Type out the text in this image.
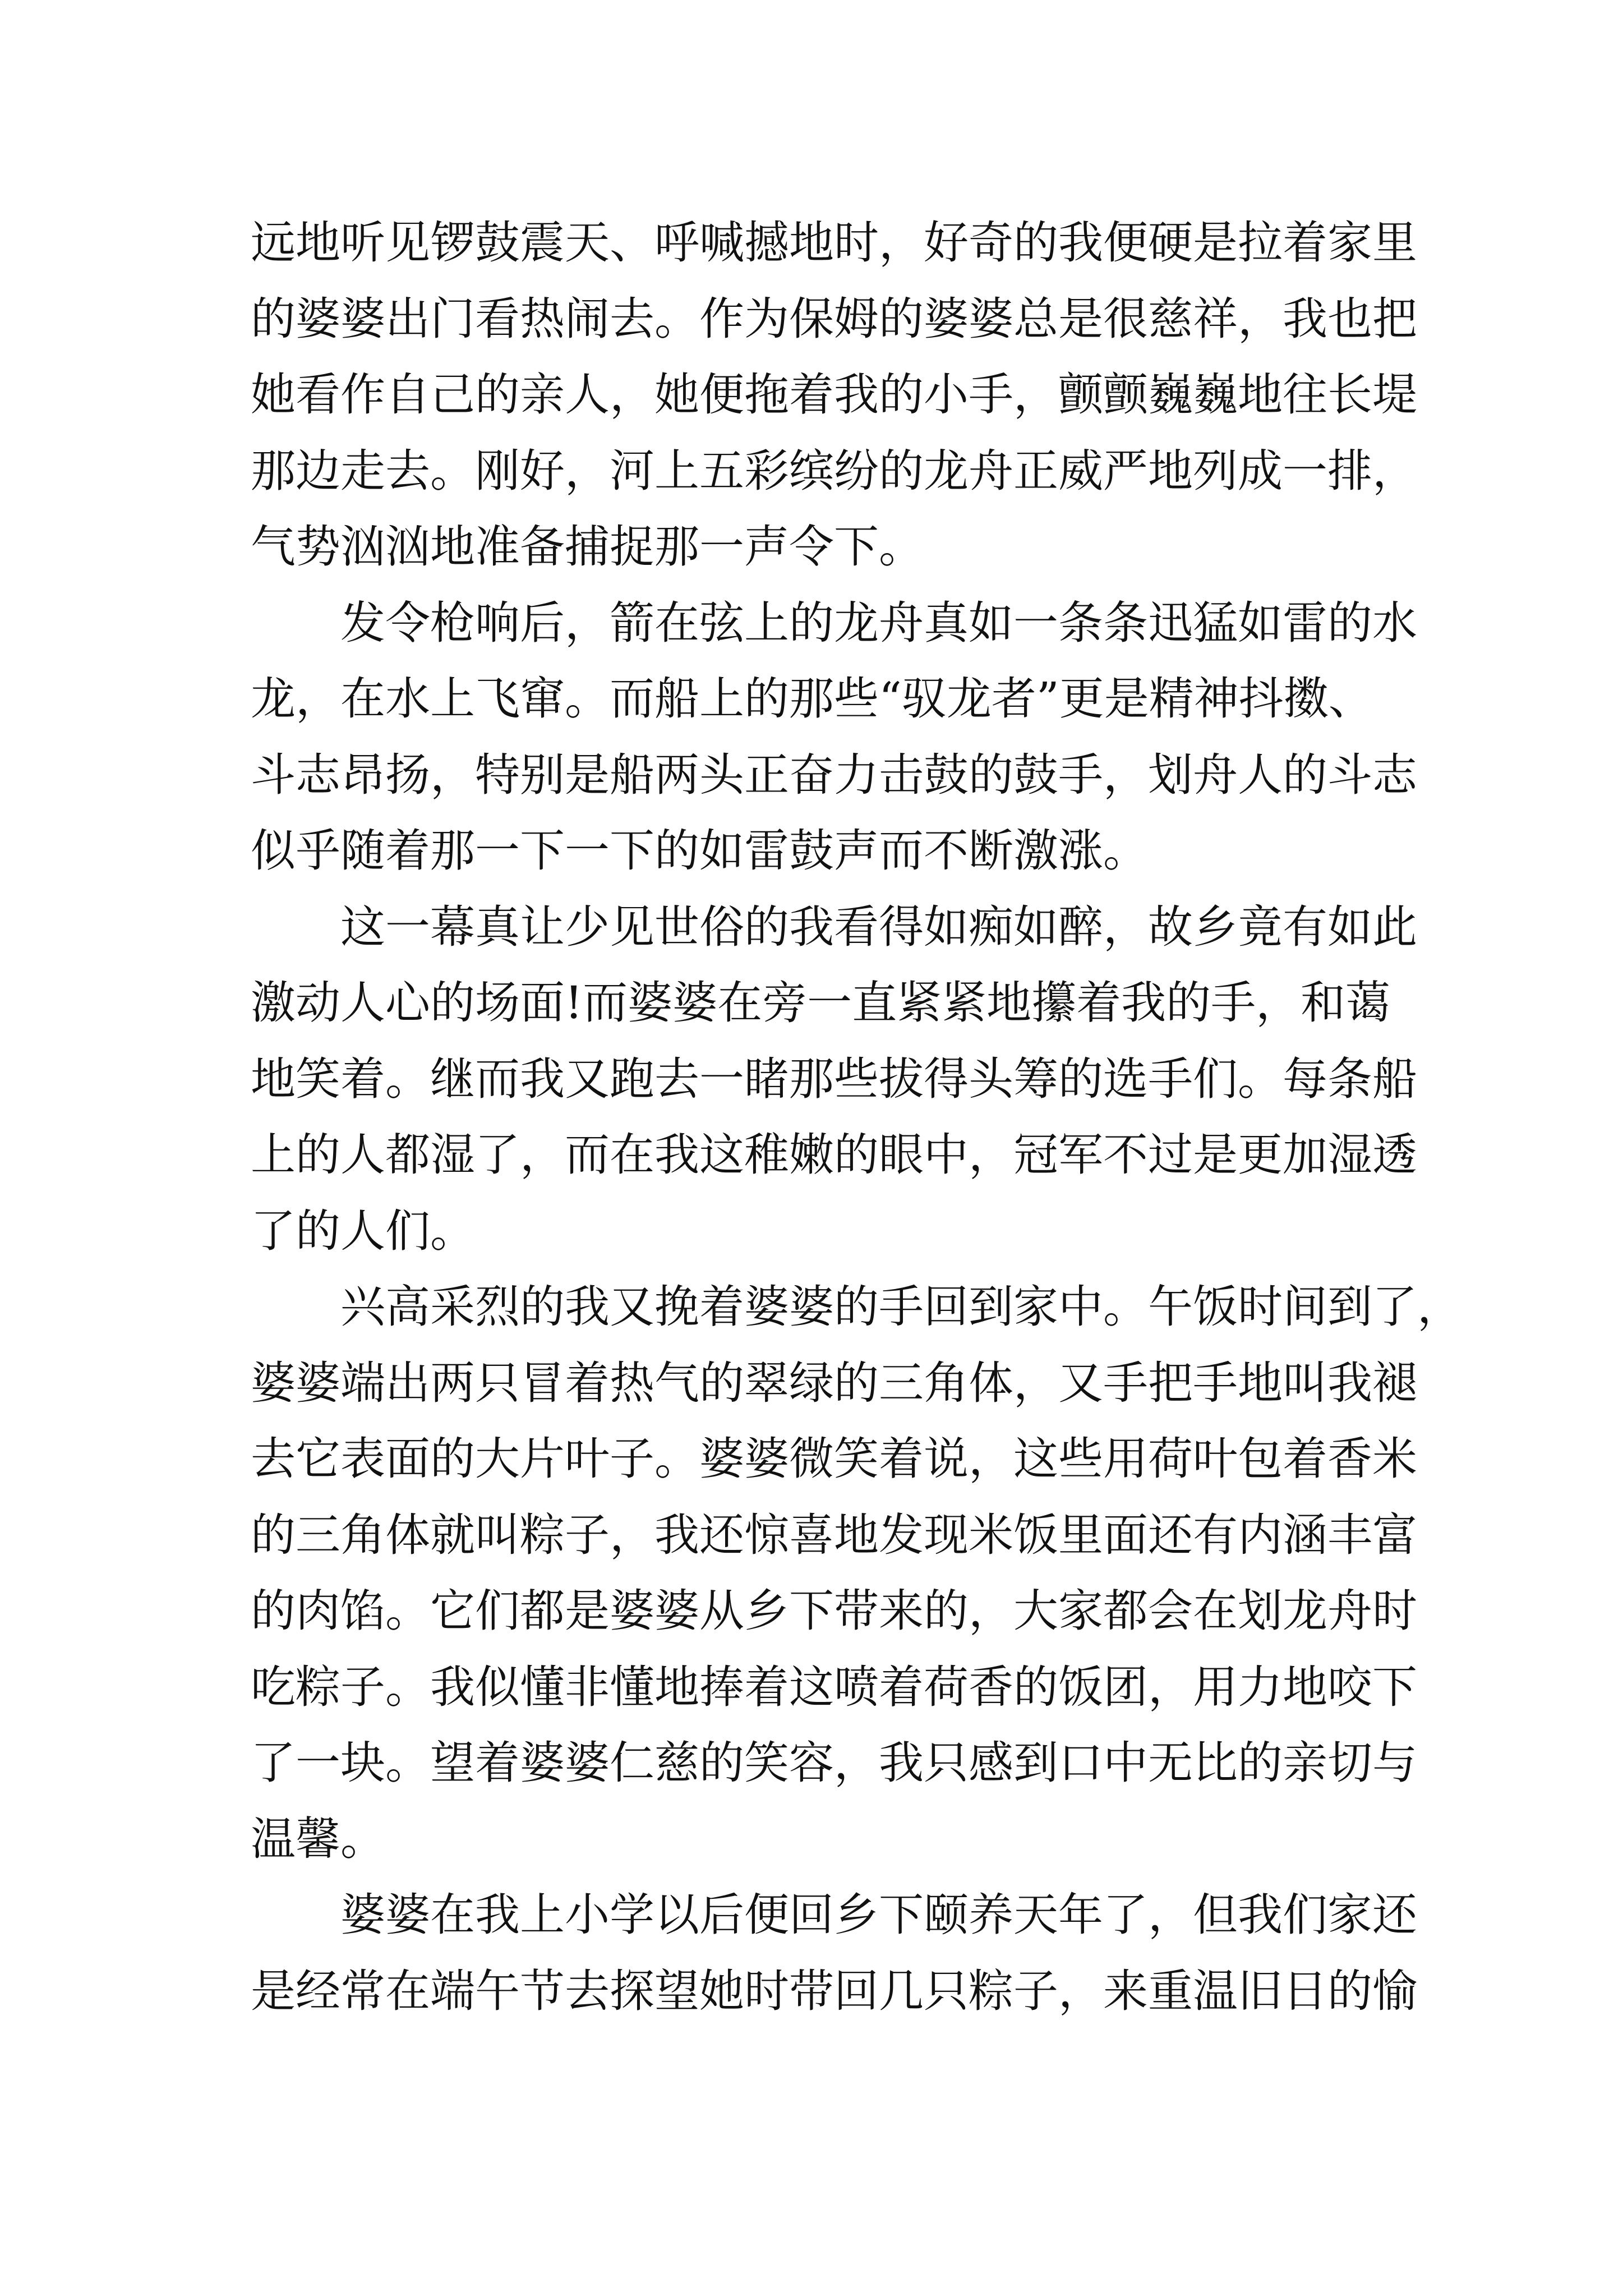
远地听见锣鼓震天、呼喊撼地时，好奇的我便硬是拉着家里
的婆婆出门看热闹去。作为保姆的婆婆总是很慈祥，我也把
她看作自己的亲人，她便拖着我的小手，颤颤巍巍地往长堤
那边走去。刚好，河上五彩缤纷的龙舟正威严地列成一排，
气势汹汹地准备捕捉那一声令下。
发令枪响后，箭在弦上的龙舟真如一条条迅猛如雷的水
龙，在水上飞窜。而船上的那些“驭龙者”更是精神抖擞、
斗志昂扬，特别是船两头正奋力击鼓的鼓手，划舟人的斗志
似乎随着那一下一下的如雷鼓声而不断激涨。
这一幕真让少见世俗的我看得如痴如醉，故乡竟有如此
激动人心的场面!而婆婆在旁一直紧紧地攥着我的手，和蔼
地笑着。继而我又跑去一睹那些拔得头筹的选手们。每条船
上的人都湿了，而在我这稚嫩的眼中，冠军不过是更加湿透
了的人们。
兴高采烈的我又挽着婆婆的手回到家中。午饭时间到了，
婆婆端出两只冒着热气的翠绿的三角体，又手把手地叫我褪
去它表面的大片叶子。婆婆微笑着说，这些用荷叶包着香米
的三角体就叫粽子，我还惊喜地发现米饭里面还有内涵丰富
的肉馅。它们都是婆婆从乡下带来的，大家都会在划龙舟时
吃粽子。我似懂非懂地捧着这喷着荷香的饭团，用力地咬下
了一块。望着婆婆仁慈的笑容，我只感到口中无比的亲切与
温馨。
婆婆在我上小学以后便回乡下颐养天年了，但我们家还
是经常在端午节去探望她时带回几只粽子，来重温旧日的愉
